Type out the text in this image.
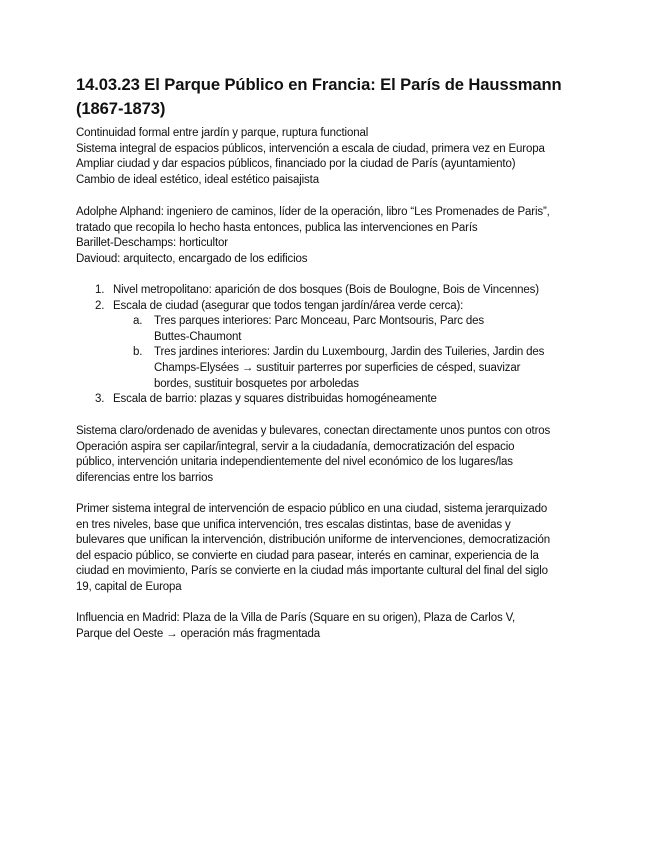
14.03.23 El Parque Público en Francia: El París de Haussmann
(1867-1873)
Continuidad formal entre jardín y parque, ruptura functional
Sistema integral de espacios públicos, intervención a escala de ciudad, primera vez en Europa
Ampliar ciudad y dar espacios públicos, financiado por la ciudad de París (ayuntamiento)
Cambio de ideal estético, ideal estético paisajista
Adolphe Alphand: ingeniero de caminos, líder de la operación, libro “Les Promenades de Paris”,
tratado que recopila lo hecho hasta entonces, publica las intervenciones en París
Barillet-Deschamps: horticultor
Davioud: arquitecto, encargado de los edificios
1. Nivel metropolitano: aparición de dos bosques (Bois de Boulogne, Bois de Vincennes)
2. Escala de ciudad (asegurar que todos tengan jardín/área verde cerca):
a. Tres parques interiores: Parc Monceau, Parc Montsouris, Parc des
Buttes-Chaumont
b. Tres jardines interiores: Jardin du Luxembourg, Jardin des Tuileries, Jardin des
Champs-Elysées → sustituir parterres por superficies de césped, suavizar
bordes, sustituir bosquetes por arboledas
3. Escala de barrio: plazas y squares distribuidas homogéneamente
Sistema claro/ordenado de avenidas y bulevares, conectan directamente unos puntos con otros
Operación aspira ser capilar/integral, servir a la ciudadanía, democratización del espacio
público, intervención unitaria independientemente del nivel económico de los lugares/las
diferencias entre los barrios
Primer sistema integral de intervención de espacio público en una ciudad, sistema jerarquizado
en tres niveles, base que unifica intervención, tres escalas distintas, base de avenidas y
bulevares que unifican la intervención, distribución uniforme de intervenciones, democratización
del espacio público, se convierte en ciudad para pasear, interés en caminar, experiencia de la
ciudad en movimiento, París se convierte en la ciudad más importante cultural del final del siglo
19, capital de Europa
Influencia en Madrid: Plaza de la Villa de París (Square en su origen), Plaza de Carlos V,
Parque del Oeste → operación más fragmentada
